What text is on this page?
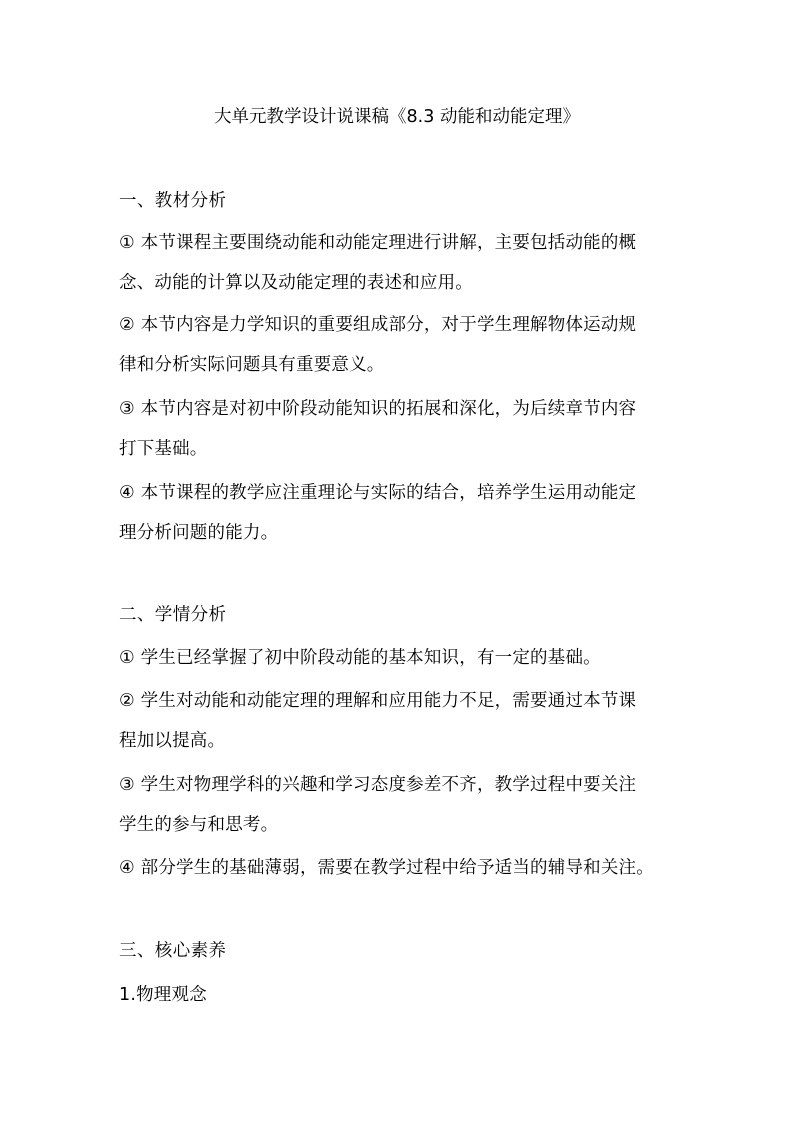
大单元教学设计说课稿《8.3 动能和动能定理》
一、教材分析
① 本节课程主要围绕动能和动能定理进行讲解，主要包括动能的概
念、动能的计算以及动能定理的表述和应用。
② 本节内容是力学知识的重要组成部分，对于学生理解物体运动规
律和分析实际问题具有重要意义。
③ 本节内容是对初中阶段动能知识的拓展和深化，为后续章节内容
打下基础。
④ 本节课程的教学应注重理论与实际的结合，培养学生运用动能定
理分析问题的能力。
二、学情分析
① 学生已经掌握了初中阶段动能的基本知识，有一定的基础。
② 学生对动能和动能定理的理解和应用能力不足，需要通过本节课
程加以提高。
③ 学生对物理学科的兴趣和学习态度参差不齐，教学过程中要关注
学生的参与和思考。
④ 部分学生的基础薄弱，需要在教学过程中给予适当的辅导和关注。
三、核心素养
1.物理观念
